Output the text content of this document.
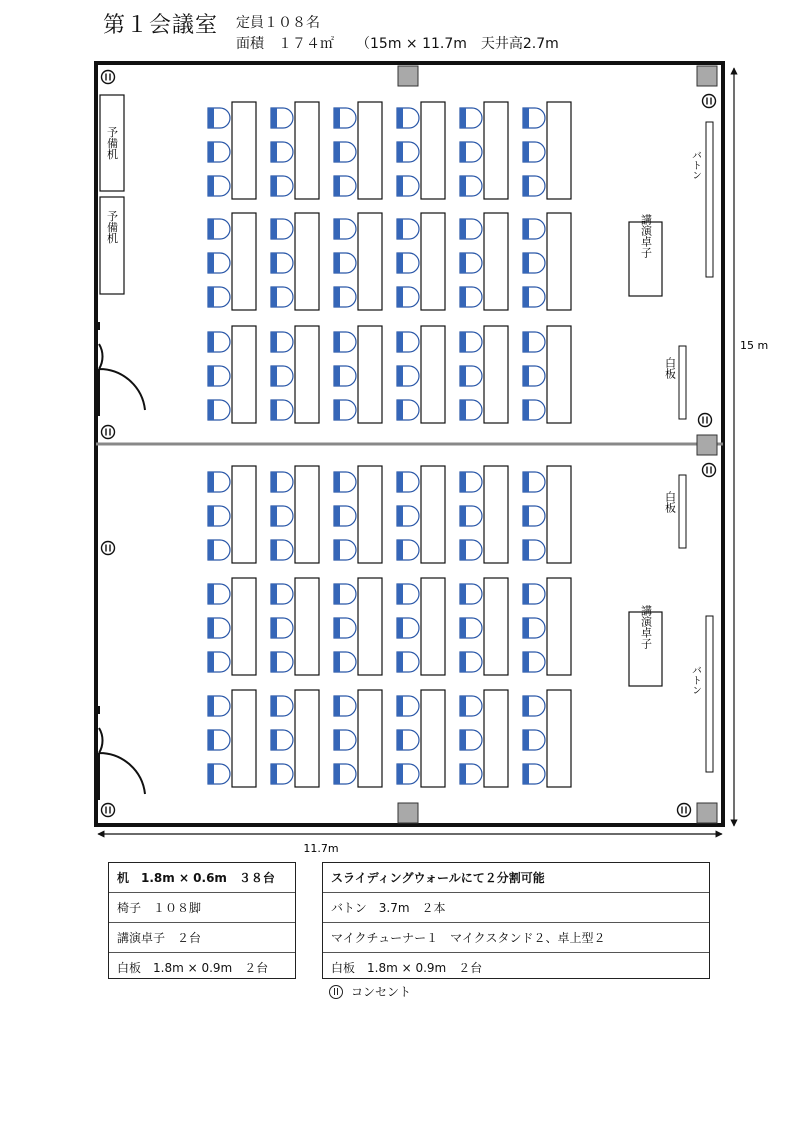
第１会議室 定員１０８名
面積　１７４㎡ （15m × 11.7m　天井高2.7m
予備机
予備机
バトン
バトン
講演卓子
講演卓子
白板
白板
15 m
11.7m
机　1.8m × 0.6m　３８台
椅子　１０８脚
講演卓子　２台
白板　1.8m × 0.9m　２台
スライディングウォールにて２分割可能
バトン　3.7m　２本
マイクチューナー１　マイクスタンド２、卓上型２
白板　1.8m × 0.9m　２台
コンセント
